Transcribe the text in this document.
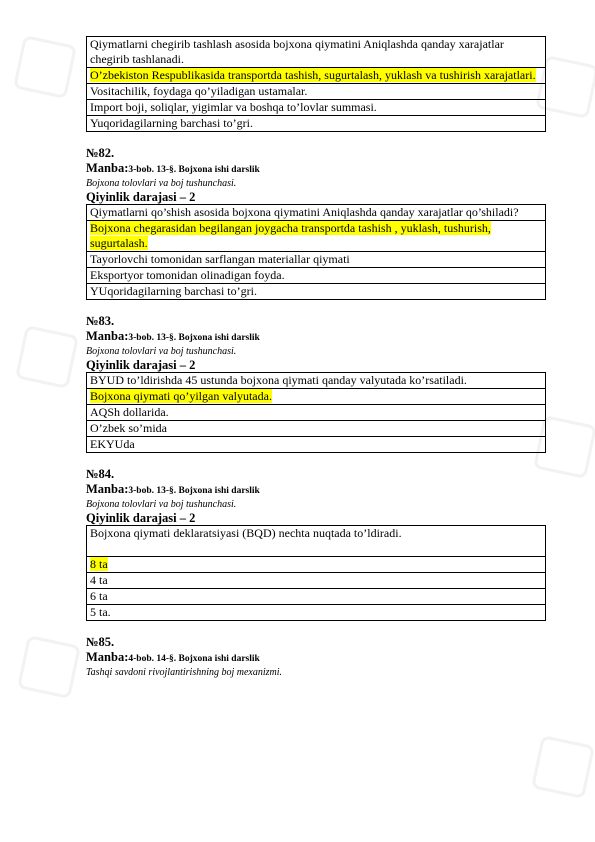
Qiymatlarni chegirib tashlash asosida bojxona qiymatini Aniqlashda qanday xarajatlar chegirib tashlanadi.
O’zbekiston Respublikasida transportda tashish, sugurtalash, yuklash va tushirish xarajatlari.
Vositachilik, foydaga qo’yiladigan ustamalar.
Import boji, soliqlar, yigimlar va boshqa to’lovlar summasi.
Yuqoridagilarning barchasi to’gri.
№82.
Manba:3-bob. 13-§. Bojxona ishi darslik
Bojxona tolovlari va boj tushunchasi.
Qiyinlik darajasi – 2
Qiymatlarni qo’shish asosida bojxona qiymatini Aniqlashda qanday xarajatlar qo’shiladi?
Bojxona chegarasidan begilangan joygacha transportda tashish , yuklash, tushurish, sugurtalash.
Tayorlovchi tomonidan sarflangan materiallar qiymati
Eksportyor tomonidan olinadigan foyda.
YUqoridagilarning barchasi to’gri.
№83.
Manba:3-bob. 13-§. Bojxona ishi darslik
Bojxona tolovlari va boj tushunchasi.
Qiyinlik darajasi – 2
BYUD to’ldirishda 45 ustunda bojxona qiymati qanday valyutada ko’rsatiladi.
Bojxona qiymati qo’yilgan valyutada.
AQSh dollarida.
O’zbek so’mida
EKYUda
№84.
Manba:3-bob. 13-§. Bojxona ishi darslik
Bojxona tolovlari va boj tushunchasi.
Qiyinlik darajasi – 2
Bojxona qiymati deklaratsiyasi (BQD) nechta nuqtada to’ldiradi.
8 ta
4 ta
6 ta
5 ta.
№85.
Manba:4-bob. 14-§. Bojxona ishi darslik
Tashqi savdoni rivojlantirishning boj mexanizmi.
